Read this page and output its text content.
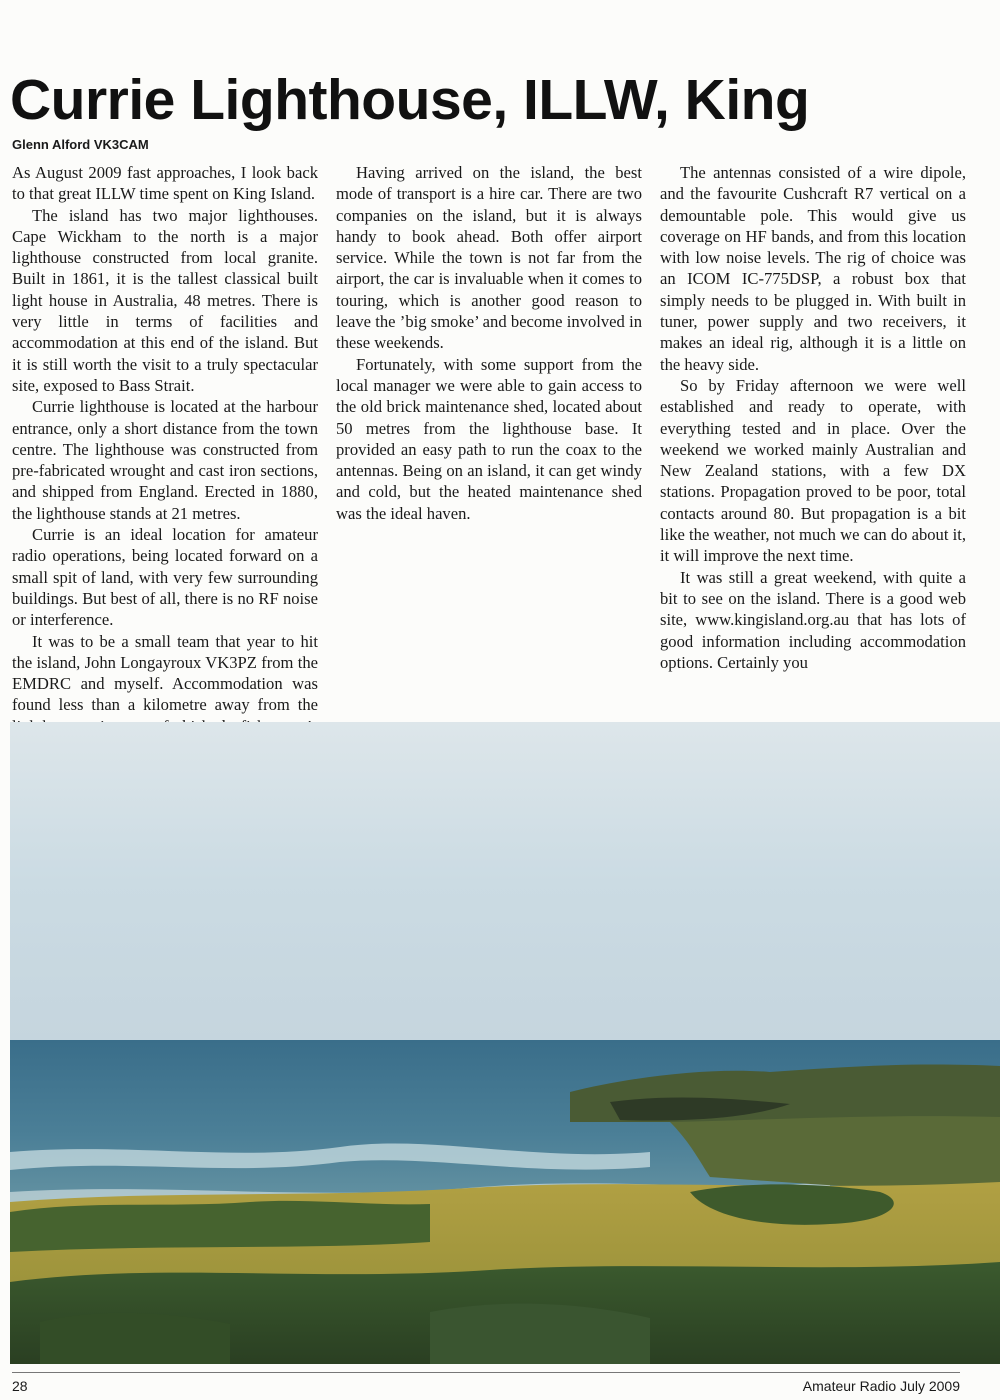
Currie Lighthouse, ILLW, King
Glenn Alford VK3CAM

As August 2009 fast approaches, I look back to that great ILLW time spent on King Island.

The island has two major lighthouses. Cape Wickham to the north is a major lighthouse constructed from local granite. Built in 1861, it is the tallest classical built light house in Australia, 48 metres. There is very little in terms of facilities and accommodation at this end of the island. But it is still worth the visit to a truly spectacular site, exposed to Bass Strait.

Currie lighthouse is located at the harbour entrance, only a short distance from the town centre. The lighthouse was constructed from pre-fabricated wrought and cast iron sections, and shipped from England. Erected in 1880, the lighthouse stands at 21 metres.

Currie is an ideal location for amateur radio operations, being located forward on a small spit of land, with very few surrounding buildings. But best of all, there is no RF noise or interference.

It was to be a small team that year to hit the island, John Longayroux VK3PZ from the EMDRC and myself. Accommodation was found less than a kilometre away from the

Having arrived on the island, the best mode of transport is a hire car. There are two companies on the island, but it is always handy to book ahead. Both offer airport service. While the town is not far from the airport, the car is invaluable when it comes to touring, which is another good reason to leave the ’big smoke’ and become involved in these weekends.

Fortunately, with some support from the local manager we were able to gain access to the old brick maintenance shed, located about 50 metres from the lighthouse base. It provided an easy path to run the coax to the antennas. Being on an island, it can get windy and cold, but the heated maintenance shed was the ideal haven.

The antennas consisted of a wire dipole, and the favourite Cushcraft R7 vertical on a demountable pole. This would give us coverage on HF bands, and from this location with low noise levels. The rig of choice was an ICOM IC-775DSP, a robust box that simply needs to be plugged in. With built in tuner, power supply and two receivers, it makes an ideal rig, although it is a little on the heavy side.

So by Friday afternoon we were well established and ready to operate, with everything tested and in place. Over the weekend we worked mainly Australian and New Zealand stations, with a few DX stations. Propagation proved to be poor, total contacts around 80. But propagation is a bit like the weather, not much we can do about it, it will improve the next time.

It was still a great weekend, with quite a bit to see on the island. There is a good web site, www.kingisland.org.au that has lots of good information including accommodation options. Certainly you

28	Amateur Radio July 2009
